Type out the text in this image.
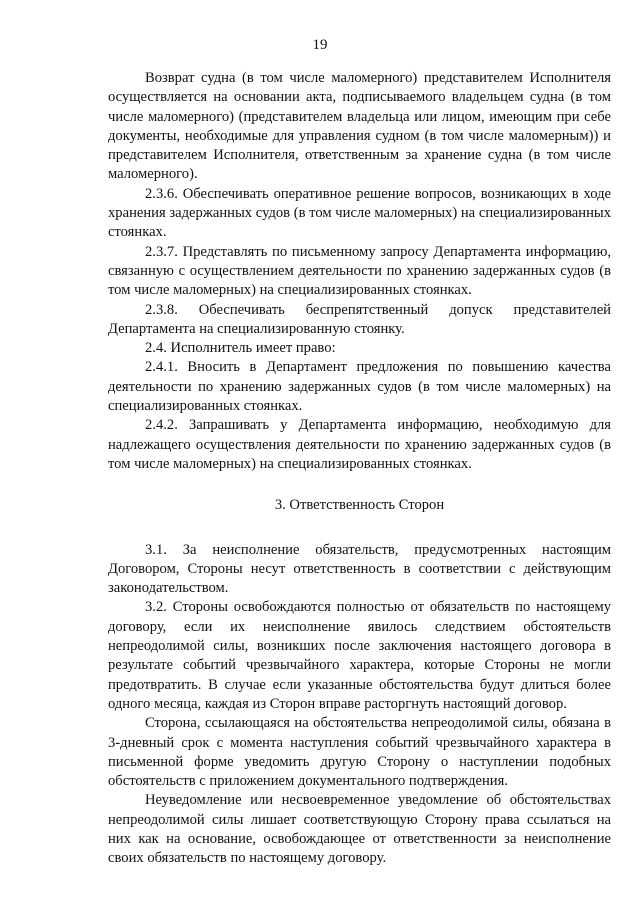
19

Возврат судна (в том числе маломерного) представителем Исполнителя осуществляется на основании акта, подписываемого владельцем судна (в том числе маломерного) (представителем владельца или лицом, имеющим при себе документы, необходимые для управления судном (в том числе маломерным)) и представителем Исполнителя, ответственным за хранение судна (в том числе маломерного).

2.3.6. Обеспечивать оперативное решение вопросов, возникающих в ходе хранения задержанных судов (в том числе маломерных) на специализированных стоянках.

2.3.7. Представлять по письменному запросу Департамента информацию, связанную с осуществлением деятельности по хранению задержанных судов (в том числе маломерных) на специализированных стоянках.

2.3.8. Обеспечивать беспрепятственный допуск представителей Департамента на специализированную стоянку.

2.4. Исполнитель имеет право:

2.4.1. Вносить в Департамент предложения по повышению качества деятельности по хранению задержанных судов (в том числе маломерных) на специализированных стоянках.

2.4.2. Запрашивать у Департамента информацию, необходимую для надлежащего осуществления деятельности по хранению задержанных судов (в том числе маломерных) на специализированных стоянках.

3. Ответственность Сторон

3.1. За неисполнение обязательств, предусмотренных настоящим Договором, Стороны несут ответственность в соответствии с действующим законодательством.

3.2. Стороны освобождаются полностью от обязательств по настоящему договору, если их неисполнение явилось следствием обстоятельств непреодолимой силы, возникших после заключения настоящего договора в результате событий чрезвычайного характера, которые Стороны не могли предотвратить. В случае если указанные обстоятельства будут длиться более одного месяца, каждая из Сторон вправе расторгнуть настоящий договор.

Сторона, ссылающаяся на обстоятельства непреодолимой силы, обязана в 3-дневный срок с момента наступления событий чрезвычайного характера в письменной форме уведомить другую Сторону о наступлении подобных обстоятельств с приложением документального подтверждения.

Неуведомление или несвоевременное уведомление об обстоятельствах непреодолимой силы лишает соответствующую Сторону права ссылаться на них как на основание, освобождающее от ответственности за неисполнение своих обязательств по настоящему договору.
